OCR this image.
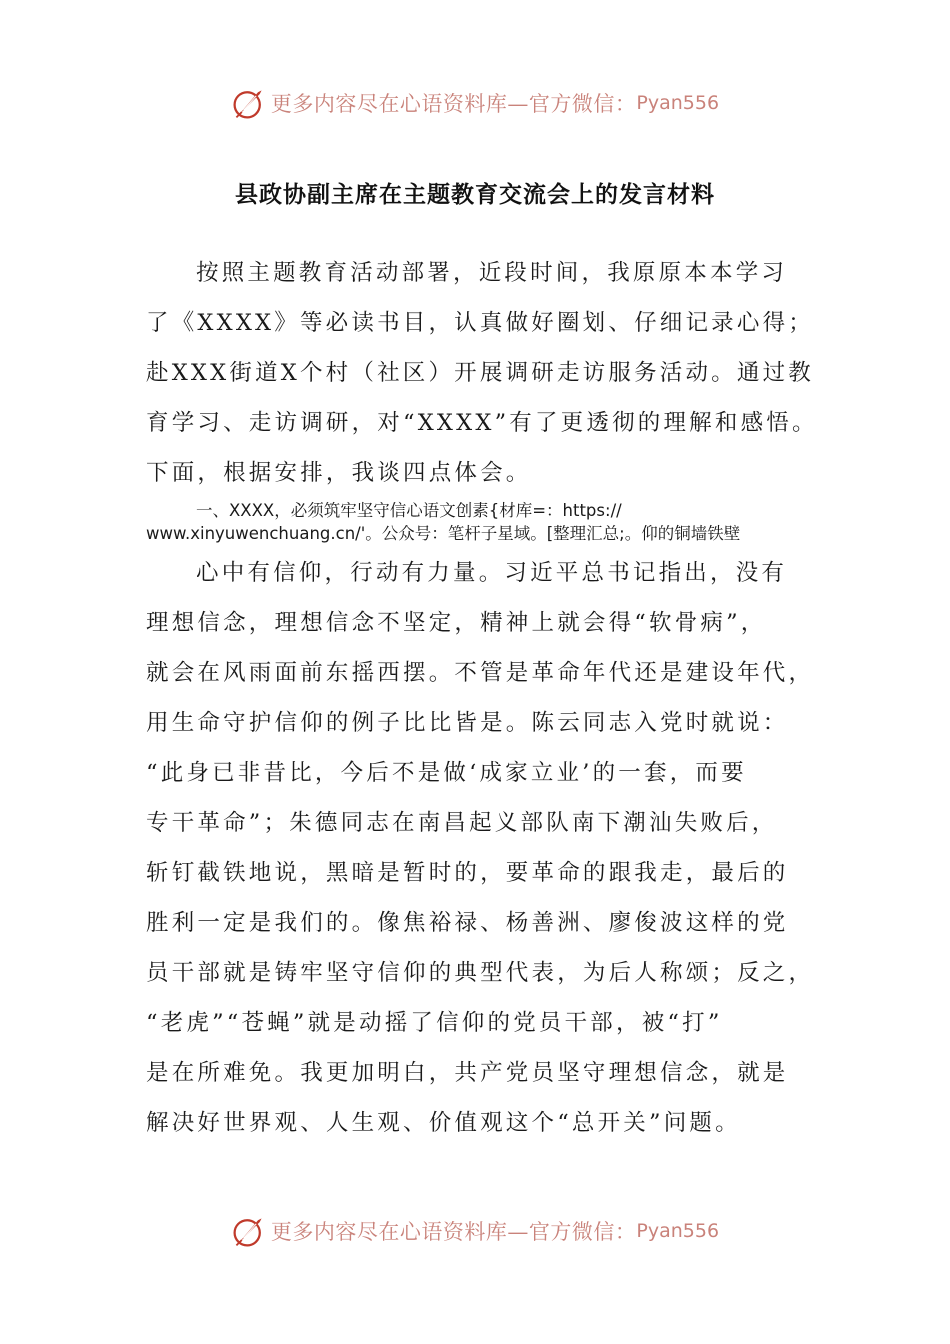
更多内容尽在心语资料库—官方微信： Pyan556
县政协副主席在主题教育交流会上的发言材料
按照主题教育活动部署，近段时间，我原原本本学习
了《XXXX》等必读书目，认真做好圈划、仔细记录心得；
赴XXX街道X个村（社区）开展调研走访服务活动。通过教
育学习、走访调研，对“XXXX”有了更透彻的理解和感悟。
下面，根据安排，我谈四点体会。
一、XXXX，必须筑牢坚守信心语文创素{材库=：https://
www.xinyuwenchuang.cn/'。公众号：笔杆子星域。[整理汇总;。仰的铜墙铁壁
心中有信仰，行动有力量。习近平总书记指出，没有
理想信念，理想信念不坚定，精神上就会得“软骨病”，
就会在风雨面前东摇西摆。不管是革命年代还是建设年代，
用生命守护信仰的例子比比皆是。陈云同志入党时就说：
“此身已非昔比，今后不是做‘成家立业’的一套，而要
专干革命”；朱德同志在南昌起义部队南下潮汕失败后，
斩钉截铁地说，黑暗是暂时的，要革命的跟我走，最后的
胜利一定是我们的。像焦裕禄、杨善洲、廖俊波这样的党
员干部就是铸牢坚守信仰的典型代表，为后人称颂；反之，
“老虎”“苍蝇”就是动摇了信仰的党员干部，被“打”
是在所难免。我更加明白，共产党员坚守理想信念，就是
解决好世界观、人生观、价值观这个“总开关”问题。
更多内容尽在心语资料库—官方微信： Pyan556
